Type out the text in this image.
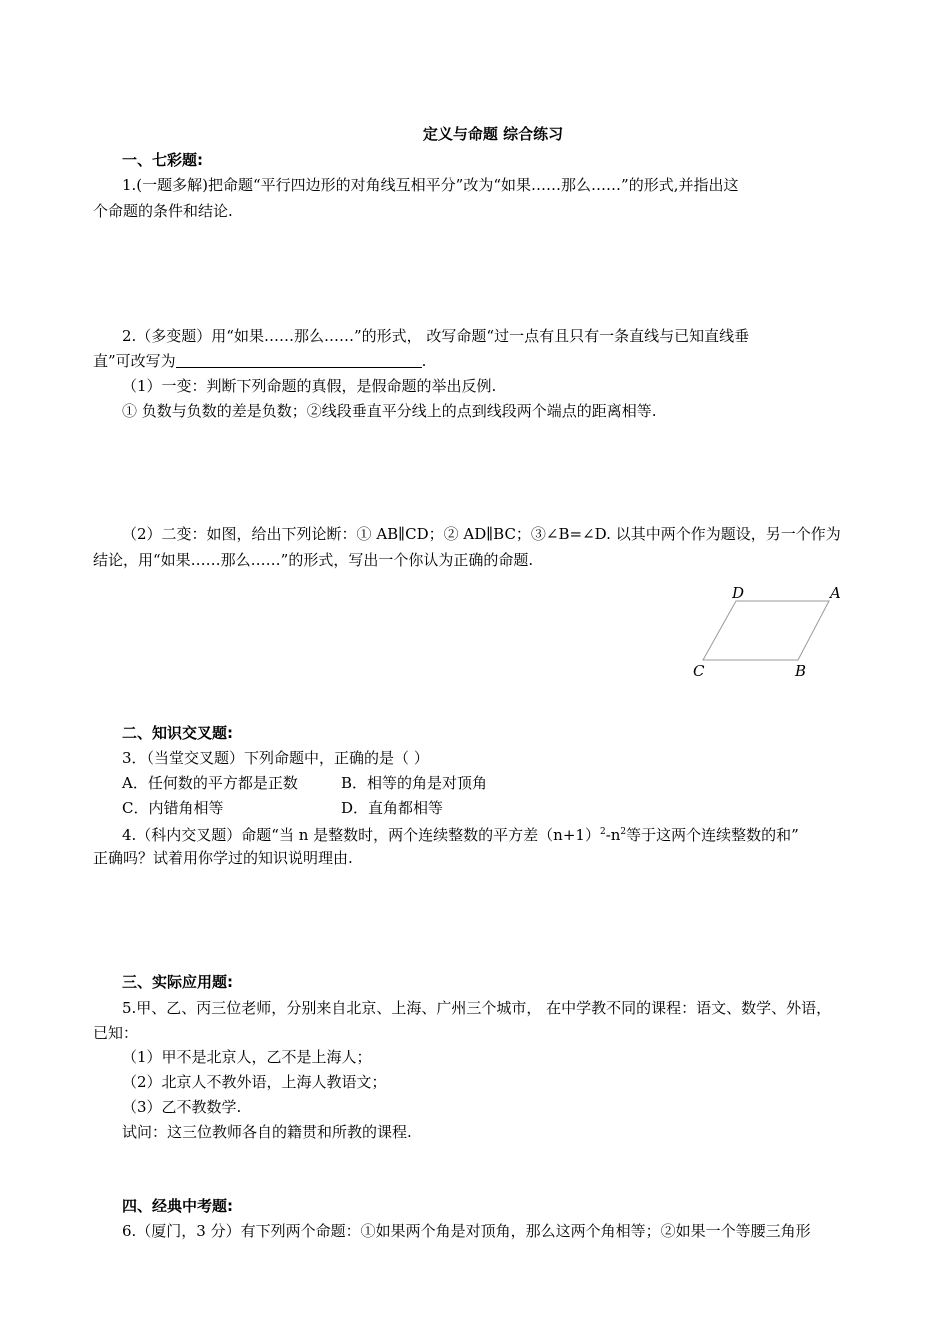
定义与命题 综合练习
一、七彩题:
1.(一题多解)把命题“平行四边形的对角线互相平分”改为“如果……那么……”的形式,并指出这
个命题的条件和结论.
2.（多变题）用“如果……那么……”的形式， 改写命题“过一点有且只有一条直线与已知直线垂
直”可改写为	.
（1）一变：判断下列命题的真假，是假命题的举出反例.
① 负数与负数的差是负数；②线段垂直平分线上的点到线段两个端点的距离相等.
（2）二变：如图，给出下列论断：① AB∥CD；② AD∥BC；③∠B=∠D. 以其中两个作为题设，另一个作为
结论，用“如果……那么……”的形式，写出一个你认为正确的命题.
D	A
C	B
二、知识交叉题:
3．（当堂交叉题）下列命题中，正确的是（ ）
A．任何数的平方都是正数	B．相等的角是对顶角
C．内错角相等	D．直角都相等
4.（科内交叉题）命题“当 n 是整数时，两个连续整数的平方差$(n+1)^2-n^2$等于这两个连续整数的和”
正确吗？试着用你学过的知识说明理由.
三、实际应用题:
5.甲、乙、丙三位老师，分别来自北京、上海、广州三个城市， 在中学教不同的课程：语文、数学、外语，
已知：
（1）甲不是北京人，乙不是上海人；
（2）北京人不教外语，上海人教语文；
（3）乙不教数学.
试问：这三位教师各自的籍贯和所教的课程.
四、经典中考题:
6.（厦门，3 分）有下列两个命题：①如果两个角是对顶角，那么这两个角相等；②如果一个等腰三角形
